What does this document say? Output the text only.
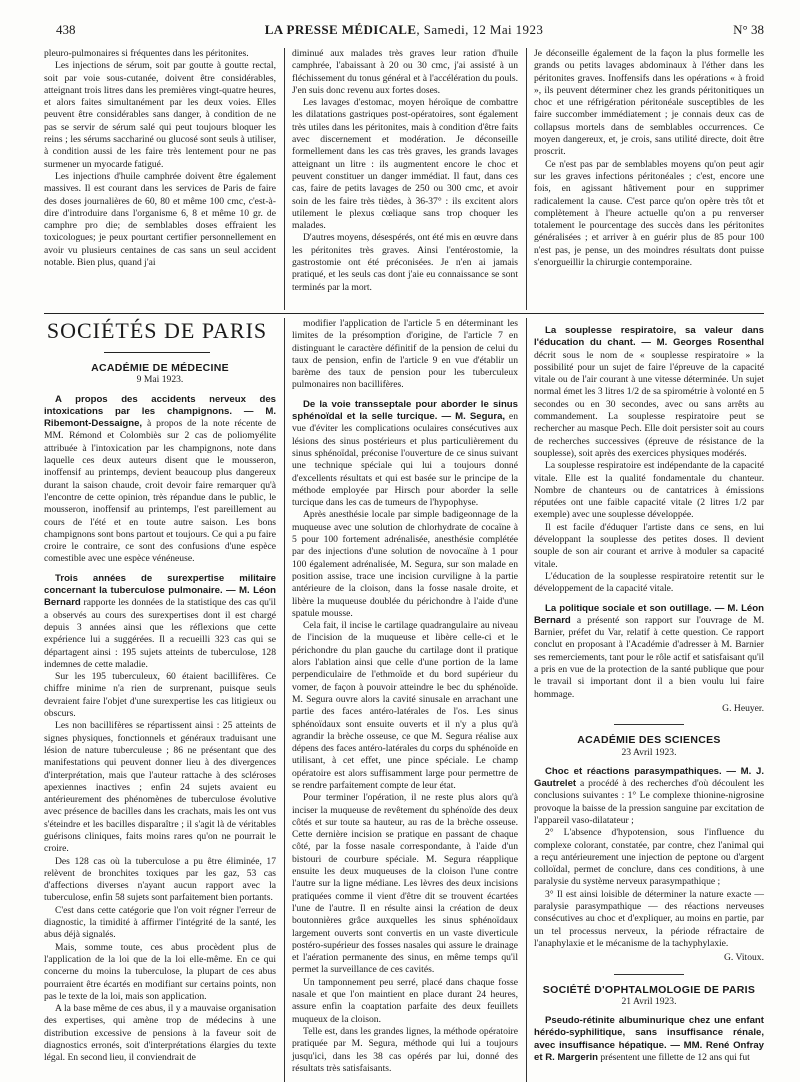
438	LA PRESSE MÉDICALE, Samedi, 12 Mai 1923	N° 38

pleuro-pulmonaires si fréquentes dans les péritonites.

Les injections de sérum, soit par goutte à goutte rectal, soit par voie sous-cutanée, doivent être considérables, atteignant trois litres dans les premières vingt-quatre heures, et alors faites simultanément par les deux voies. Elles peuvent être considérables sans danger, à condition de ne pas se servir de sérum salé qui peut toujours bloquer les reins ; les sérums sacchariné ou glucosé sont seuls à utiliser, à condition aussi de les faire très lentement pour ne pas surmener un myocarde fatigué.

Les injections d'huile camphrée doivent être également massives. Il est courant dans les services de Paris de faire des doses journalières de 60, 80 et même 100 cmc, c'est-à-dire d'introduire dans l'organisme 6, 8 et même 10 gr. de camphre pro die; de semblables doses effraient les toxicologues; je peux pourtant certifier personnellement en avoir vu plusieurs centaines de cas sans un seul accident notable. Bien plus, quand j'ai

diminué aux malades très graves leur ration d'huile camphrée, l'abaissant à 20 ou 30 cmc, j'ai assisté à un fléchissement du tonus général et à l'accélération du pouls. J'en suis donc revenu aux fortes doses.

Les lavages d'estomac, moyen héroïque de combattre les dilatations gastriques post-opératoires, sont également très utiles dans les péritonites, mais à condition d'être faits avec discernement et modération. Je déconseille formellement dans les cas très graves, les grands lavages atteignant un litre : ils augmentent encore le choc et peuvent constituer un danger immédiat. Il faut, dans ces cas, faire de petits lavages de 250 ou 300 cmc, et avoir soin de les faire très tièdes, à 36-37° : ils excitent alors utilement le plexus cœliaque sans trop choquer les malades.

D'autres moyens, désespérés, ont été mis en œuvre dans les péritonites très graves. Ainsi l'entérostomie, la gastrostomie ont été préconisées. Je n'en ai jamais pratiqué, et les seuls cas dont j'aie eu connaissance se sont terminés par la mort.

Je déconseille également de la façon la plus formelle les grands ou petits lavages abdominaux à l'éther dans les péritonites graves. Inoffensifs dans les opérations « à froid », ils peuvent déterminer chez les grands péritonitiques un choc et une réfrigération péritonéale susceptibles de les faire succomber immédiatement ; je connais deux cas de collapsus mortels dans de semblables occurrences. Ce moyen dangereux, et, je crois, sans utilité directe, doit être proscrit.

Ce n'est pas par de semblables moyens qu'on peut agir sur les graves infections péritonéales ; c'est, encore une fois, en agissant hâtivement pour en supprimer radicalement la cause. C'est parce qu'on opère très tôt et complètement à l'heure actuelle qu'on a pu renverser totalement le pourcentage des succès dans les péritonites généralisées ; et arriver à en guérir plus de 85 pour 100 n'est pas, je pense, un des moindres résultats dont puisse s'enorgueillir la chirurgie contemporaine.

SOCIÉTÉS DE PARIS

ACADÉMIE DE MÉDECINE

9 Mai 1923.

A propos des accidents nerveux des intoxications par les champignons. — M. Ribemont-Dessaigne, à propos de la note récente de MM. Rémond et Colombiès sur 2 cas de poliomyélite attribuée à l'intoxication par les champignons, note dans laquelle ces deux auteurs disent que le mousseron, inoffensif au printemps, devient beaucoup plus dangereux durant la saison chaude, croit devoir faire remarquer qu'à l'encontre de cette opinion, très répandue dans le public, le mousseron, inoffensif au printemps, l'est pareillement au cours de l'été et en toute autre saison. Les bons champignons sont bons partout et toujours. Ce qui a pu faire croire le contraire, ce sont des confusions d'une espèce comestible avec une espèce vénéneuse.

Trois années de surexpertise militaire concernant la tuberculose pulmonaire. — M. Léon Bernard rapporte les données de la statistique des cas qu'il a observés au cours des surexpertises dont il est chargé depuis 3 années ainsi que les réflexions que cette expérience lui a suggérées. Il a recueilli 323 cas qui se départagent ainsi : 195 sujets atteints de tuberculose, 128 indemnes de cette maladie.

Sur les 195 tuberculeux, 60 étaient bacillifères. Ce chiffre minime n'a rien de surprenant, puisque seuls devraient faire l'objet d'une surexpertise les cas litigieux ou obscurs.

Les non bacillifères se répartissent ainsi : 25 atteints de signes physiques, fonctionnels et généraux traduisant une lésion de nature tuberculeuse ; 86 ne présentant que des manifestations qui peuvent donner lieu à des divergences d'interprétation, mais que l'auteur rattache à des scléroses apexiennes inactives ; enfin 24 sujets avaient eu antérieurement des phénomènes de tuberculose évolutive avec présence de bacilles dans les crachats, mais les ont vus s'éteindre et les bacilles disparaître ; il s'agit là de véritables guérisons cliniques, faits moins rares qu'on ne pourrait le croire.

Des 128 cas où la tuberculose a pu être éliminée, 17 relèvent de bronchites toxiques par les gaz, 53 cas d'affections diverses n'ayant aucun rapport avec la tuberculose, enfin 58 sujets sont parfaitement bien portants.

C'est dans cette catégorie que l'on voit régner l'erreur de diagnostic, la timidité à affirmer l'intégrité de la santé, les abus déjà signalés.

Mais, somme toute, ces abus procèdent plus de l'application de la loi que de la loi elle-même. En ce qui concerne du moins la tuberculose, la plupart de ces abus pourraient être écartés en modifiant sur certains points, non pas le texte de la loi, mais son application.

A la base même de ces abus, il y a mauvaise organisation des expertises, qui amène trop de médecins à une distribution excessive de pensions à la faveur soit de diagnostics erronés, soit d'interprétations élargies du texte légal. En second lieu, il conviendrait de

modifier l'application de l'article 5 en déterminant les limites de la présomption d'origine, de l'article 7 en distinguant le caractère définitif de la pension de celui du taux de pension, enfin de l'article 9 en vue d'établir un barème des taux de pension pour les tuberculeux pulmonaires non bacillifères.

De la voie transseptale pour aborder le sinus sphénoïdal et la selle turcique. — M. Segura, en vue d'éviter les complications oculaires consécutives aux lésions des sinus postérieurs et plus particulièrement du sinus sphénoïdal, préconise l'ouverture de ce sinus suivant une technique spéciale qui lui a toujours donné d'excellents résultats et qui est basée sur le principe de la méthode employée par Hirsch pour aborder la selle turcique dans les cas de tumeurs de l'hypophyse.

Après anesthésie locale par simple badigeonnage de la muqueuse avec une solution de chlorhydrate de cocaïne à 5 pour 100 fortement adrénalisée, anesthésie complétée par des injections d'une solution de novocaïne à 1 pour 100 également adrénalisée, M. Segura, sur son malade en position assise, trace une incision curviligne à la partie antérieure de la cloison, dans la fosse nasale droite, et libère la muqueuse doublée du périchondre à l'aide d'une spatule mousse.

Cela fait, il incise le cartilage quadrangulaire au niveau de l'incision de la muqueuse et libère celle-ci et le périchondre du plan gauche du cartilage dont il pratique alors l'ablation ainsi que celle d'une portion de la lame perpendiculaire de l'ethmoïde et du bord supérieur du vomer, de façon à pouvoir atteindre le bec du sphénoïde. M. Segura ouvre alors la cavité sinusale en arrachant une partie des faces antéro-latérales de l'os. Les sinus sphénoïdaux sont ensuite ouverts et il n'y a plus qu'à agrandir la brèche osseuse, ce que M. Segura réalise aux dépens des faces antéro-latérales du corps du sphénoïde en utilisant, à cet effet, une pince spéciale. Le champ opératoire est alors suffisamment large pour permettre de se rendre parfaitement compte de leur état.

Pour terminer l'opération, il ne reste plus alors qu'à inciser la muqueuse de revêtement du sphénoïde des deux côtés et sur toute sa hauteur, au ras de la brèche osseuse. Cette dernière incision se pratique en passant de chaque côté, par la fosse nasale correspondante, à l'aide d'un bistouri de courbure spéciale. M. Segura réapplique ensuite les deux muqueuses de la cloison l'une contre l'autre sur la ligne médiane. Les lèvres des deux incisions pratiquées comme il vient d'être dit se trouvent écartées l'une de l'autre. Il en résulte ainsi la création de deux boutonnières grâce auxquelles les sinus sphénoïdaux largement ouverts sont convertis en un vaste diverticule postéro-supérieur des fosses nasales qui assure le drainage et l'aération permanente des sinus, en même temps qu'il permet la surveillance de ces cavités.

Un tamponnement peu serré, placé dans chaque fosse nasale et que l'on maintient en place durant 24 heures, assure enfin la coaptation parfaite des deux feuillets muqueux de la cloison.

Telle est, dans les grandes lignes, la méthode opératoire pratiquée par M. Segura, méthode qui lui a toujours jusqu'ici, dans les 38 cas opérés par lui, donné des résultats très satisfaisants.

La souplesse respiratoire, sa valeur dans l'éducation du chant. — M. Georges Rosenthal décrit sous le nom de « souplesse respiratoire » la possibilité pour un sujet de faire l'épreuve de la capacité vitale ou de l'air courant à une vitesse déterminée. Un sujet normal émet les 3 litres 1/2 de sa spirométrie à volonté en 5 secondes ou en 30 secondes, avec ou sans arrêts au commandement. La souplesse respiratoire peut se rechercher au masque Pech. Elle doit persister soit au cours de recherches successives (épreuve de résistance de la souplesse), soit après des exercices physiques modérés.

La souplesse respiratoire est indépendante de la capacité vitale. Elle est la qualité fondamentale du chanteur. Nombre de chanteurs ou de cantatrices à émissions réputées ont une faible capacité vitale (2 litres 1/2 par exemple) avec une souplesse développée.

Il est facile d'éduquer l'artiste dans ce sens, en lui développant la souplesse des petites doses. Il devient souple de son air courant et arrive à moduler sa capacité vitale.

L'éducation de la souplesse respiratoire retentit sur le développement de la capacité vitale.

La politique sociale et son outillage. — M. Léon Bernard a présenté son rapport sur l'ouvrage de M. Barnier, préfet du Var, relatif à cette question. Ce rapport conclut en proposant à l'Académie d'adresser à M. Barnier ses remerciements, tant pour le rôle actif et satisfaisant qu'il a pris en vue de la protection de la santé publique que pour le travail si important dont il a bien voulu lui faire hommage.

G. Heuyer.

ACADÉMIE DES SCIENCES

23 Avril 1923.

Choc et réactions parasympathiques. — M. J. Gautrelet a procédé à des recherches d'où découlent les conclusions suivantes : 1° Le complexe thionine-nigrosine provoque la baisse de la pression sanguine par excitation de l'appareil vaso-dilatateur ;

2° L'absence d'hypotension, sous l'influence du complexe colorant, constatée, par contre, chez l'animal qui a reçu antérieurement une injection de peptone ou d'argent colloïdal, permet de conclure, dans ces conditions, à une paralysie du système nerveux parasympathique ;

3° Il est ainsi loisible de déterminer la nature exacte — paralysie parasympathique — des réactions nerveuses consécutives au choc et d'expliquer, au moins en partie, par un tel processus nerveux, la période réfractaire de l'anaphylaxie et le mécanisme de la tachyphylaxie.

G. Vitoux.

SOCIÉTÉ D'OPHTALMOLOGIE DE PARIS

21 Avril 1923.

Pseudo-rétinite albuminurique chez une enfant hérédo-syphilitique, sans insuffisance rénale, avec insuffisance hépatique. — MM. René Onfray et R. Margerin présentent une fillette de 12 ans qui fut
